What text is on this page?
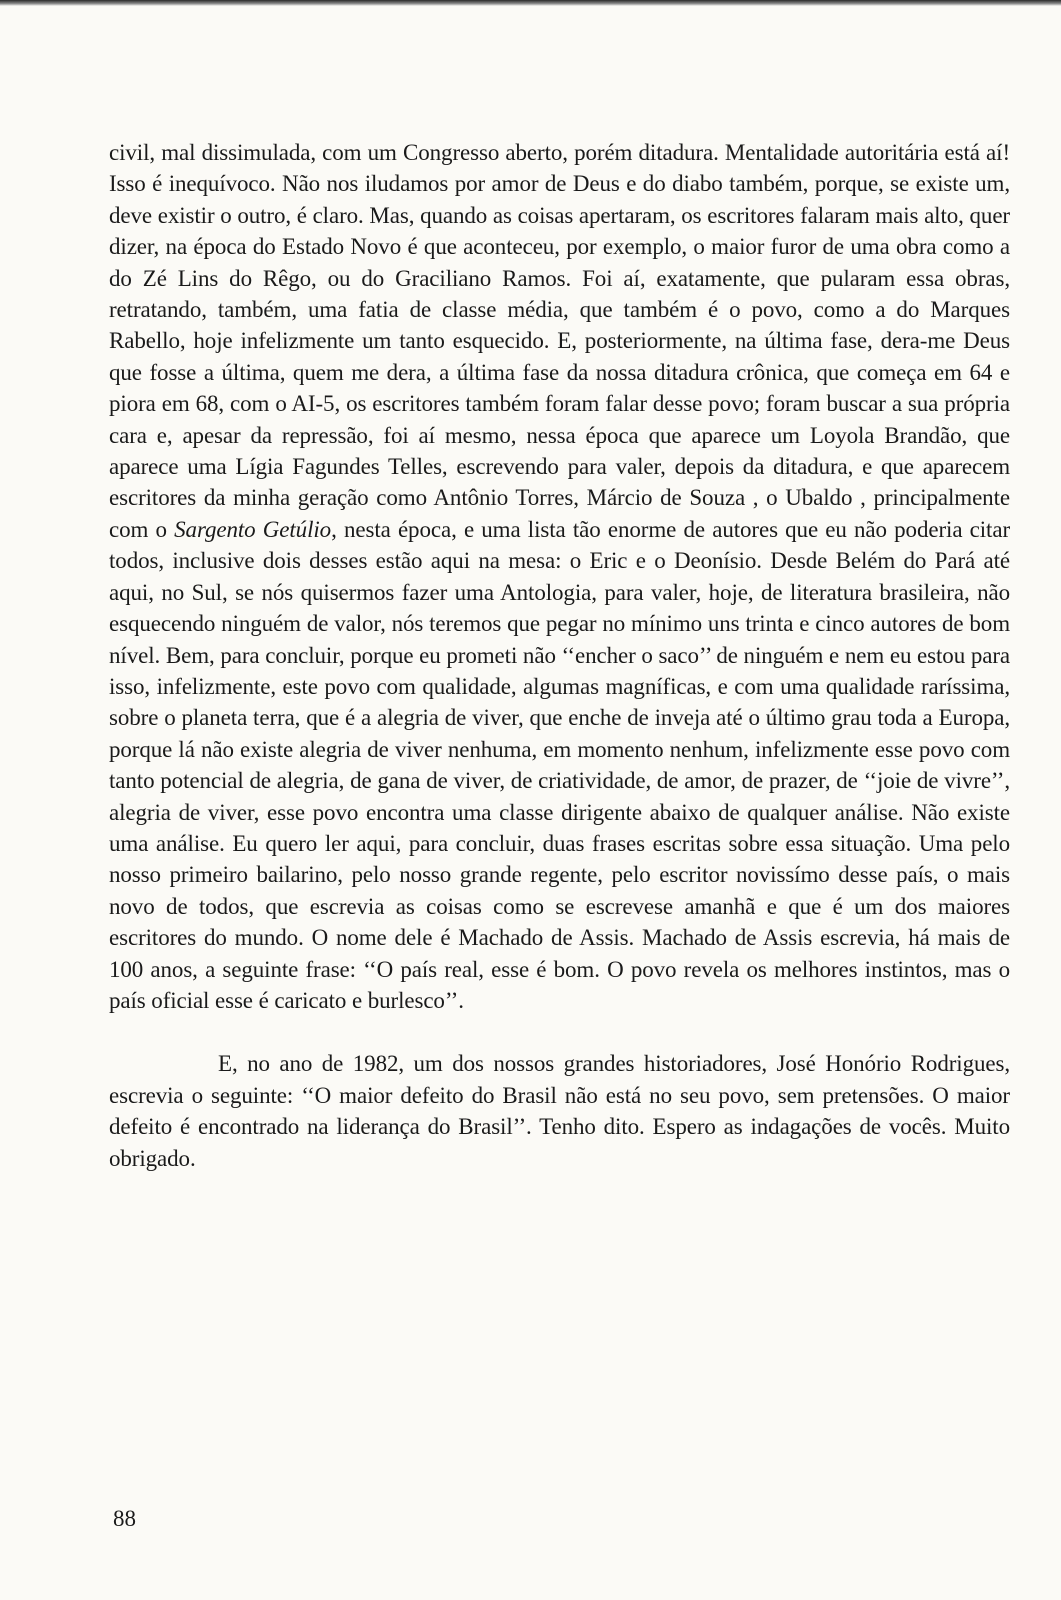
civil, mal dissimulada, com um Congresso aberto, porém ditadura. Mentalidade autoritária está aí! Isso é inequívoco. Não nos iludamos por amor de Deus e do diabo também, porque, se existe um, deve existir o outro, é claro. Mas, quando as coisas apertaram, os escritores falaram mais alto, quer dizer, na época do Estado Novo é que aconteceu, por exemplo, o maior furor de uma obra como a do Zé Lins do Rêgo, ou do Graciliano Ramos. Foi aí, exatamente, que pularam essa obras, retratando, também, uma fatia de classe média, que também é o povo, como a do Marques Rabello, hoje infelizmente um tanto esquecido. E, posteriormente, na última fase, dera-me Deus que fosse a última, quem me dera, a última fase da nossa ditadura crônica, que começa em 64 e piora em 68, com o AI-5, os escritores também foram falar desse povo; foram buscar a sua própria cara e, apesar da repressão, foi aí mesmo, nessa época que aparece um Loyola Brandão, que aparece uma Lígia Fagundes Telles, escrevendo para valer, depois da ditadura, e que aparecem escritores da minha geração como Antônio Torres, Márcio de Souza , o Ubaldo , principalmente com o Sargento Getúlio, nesta época, e uma lista tão enorme de autores que eu não poderia citar todos, inclusive dois desses estão aqui na mesa: o Eric e o Deonísio. Desde Belém do Pará até aqui, no Sul, se nós quisermos fazer uma Antologia, para valer, hoje, de literatura brasileira, não esquecendo ninguém de valor, nós teremos que pegar no mínimo uns trinta e cinco autores de bom nível. Bem, para concluir, porque eu prometi não ‘‘encher o saco’’ de ninguém e nem eu estou para isso, infelizmente, este povo com qualidade, algumas magníficas, e com uma qualidade raríssima, sobre o planeta terra, que é a alegria de viver, que enche de inveja até o último grau toda a Europa, porque lá não existe alegria de viver nenhuma, em momento nenhum, infelizmente esse povo com tanto potencial de alegria, de gana de viver, de criatividade, de amor, de prazer, de ‘‘joie de vivre’’, alegria de viver, esse povo encontra uma classe dirigente abaixo de qualquer análise. Não existe uma análise. Eu quero ler aqui, para concluir, duas frases escritas sobre essa situação. Uma pelo nosso primeiro bailarino, pelo nosso grande regente, pelo escritor novissímo desse país, o mais novo de todos, que escrevia as coisas como se escrevese amanhã e que é um dos maiores escritores do mundo. O nome dele é Machado de Assis. Machado de Assis escrevia, há mais de 100 anos, a seguinte frase: ‘‘O país real, esse é bom. O povo revela os melhores instintos, mas o país oficial esse é caricato e burlesco’’.

E, no ano de 1982, um dos nossos grandes historiadores, José Honório Rodrigues, escrevia o seguinte: ‘‘O maior defeito do Brasil não está no seu povo, sem pretensões. O maior defeito é encontrado na liderança do Brasil’’. Tenho dito. Espero as indagações de vocês. Muito obrigado.

88
